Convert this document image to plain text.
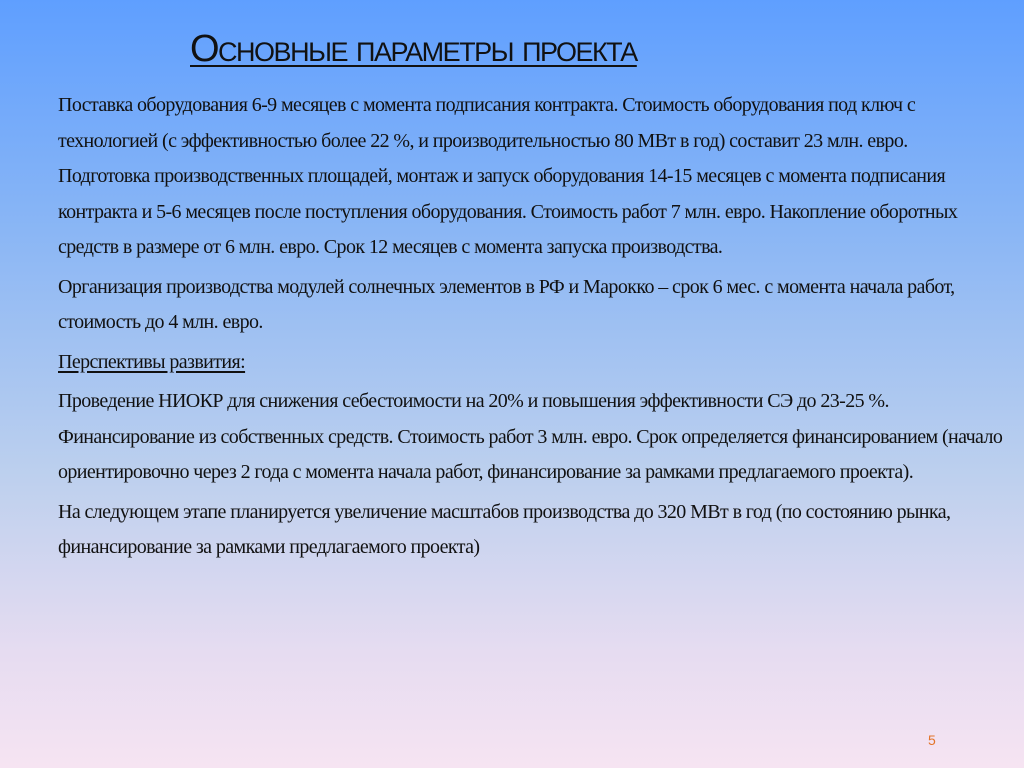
Основные параметры проекта

Поставка оборудования 6-9 месяцев с момента подписания контракта. Стоимость оборудования под ключ с технологией (с эффективностью более 22 %, и производительностью 80 МВт в год) составит 23 млн. евро. Подготовка производственных площадей, монтаж и запуск оборудования 14-15 месяцев с момента подписания контракта и 5-6 месяцев после поступления оборудования. Стоимость работ 7 млн. евро. Накопление оборотных средств в размере от 6 млн. евро. Срок 12 месяцев с момента запуска производства.

Организация производства модулей солнечных элементов в РФ и Марокко – срок 6 мес. с момента начала работ, стоимость до 4 млн. евро.

Перспективы развития:

Проведение НИОКР для снижения себестоимости на 20% и повышения эффективности СЭ до 23-25 %. Финансирование из собственных средств. Стоимость работ 3 млн. евро. Срок определяется финансированием (начало ориентировочно через 2 года с момента начала работ, финансирование за рамками предлагаемого проекта).

На следующем этапе планируется увеличение масштабов производства до 320 МВт в год (по состоянию рынка, финансирование за рамками предлагаемого проекта)

5
